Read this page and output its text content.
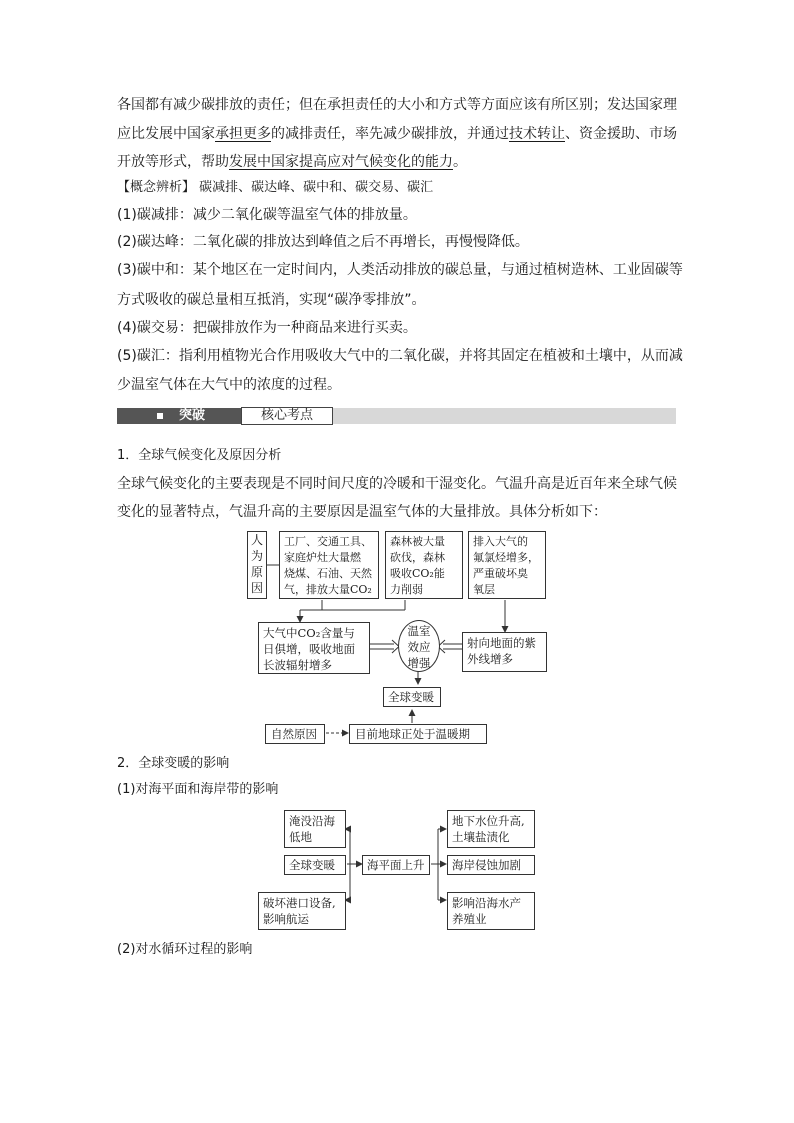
各国都有减少碳排放的责任；但在承担责任的大小和方式等方面应该有所区别；发达国家理
应比发展中国家承担更多的减排责任，率先减少碳排放，并通过技术转让、资金援助、市场
开放等形式，帮助发展中国家提高应对气候变化的能力。
【概念辨析】 碳减排、碳达峰、碳中和、碳交易、碳汇
(1)碳减排：减少二氧化碳等温室气体的排放量。
(2)碳达峰：二氧化碳的排放达到峰值之后不再增长，再慢慢降低。
(3)碳中和：某个地区在一定时间内，人类活动排放的碳总量，与通过植树造林、工业固碳等
方式吸收的碳总量相互抵消，实现“碳净零排放”。
(4)碳交易：把碳排放作为一种商品来进行买卖。
(5)碳汇：指利用植物光合作用吸收大气中的二氧化碳，并将其固定在植被和土壤中，从而减
少温室气体在大气中的浓度的过程。
突破	核心考点
1．全球气候变化及原因分析
全球气候变化的主要表现是不同时间尺度的冷暖和干湿变化。气温升高是近百年来全球气候
变化的显著特点，气温升高的主要原因是温室气体的大量排放。具体分析如下：
人
为
原
因
工厂、交通工具、
家庭炉灶大量燃
烧煤、石油、天然
气，排放大量CO₂
森林被大量
砍伐，森林
吸收CO₂能
力削弱
排入大气的
氟氯烃增多，
严重破坏臭
氧层
大气中CO₂含量与
日俱增，吸收地面
长波辐射增多
温室
效应
增强
射向地面的紫
外线增多
全球变暖
自然原因	目前地球正处于温暖期
2．全球变暖的影响
(1)对海平面和海岸带的影响
淹没沿海
低地
全球变暖
破坏港口设备,
影响航运
海平面上升
地下水位升高,
土壤盐渍化
海岸侵蚀加剧
影响沿海水产
养殖业
(2)对水循环过程的影响
